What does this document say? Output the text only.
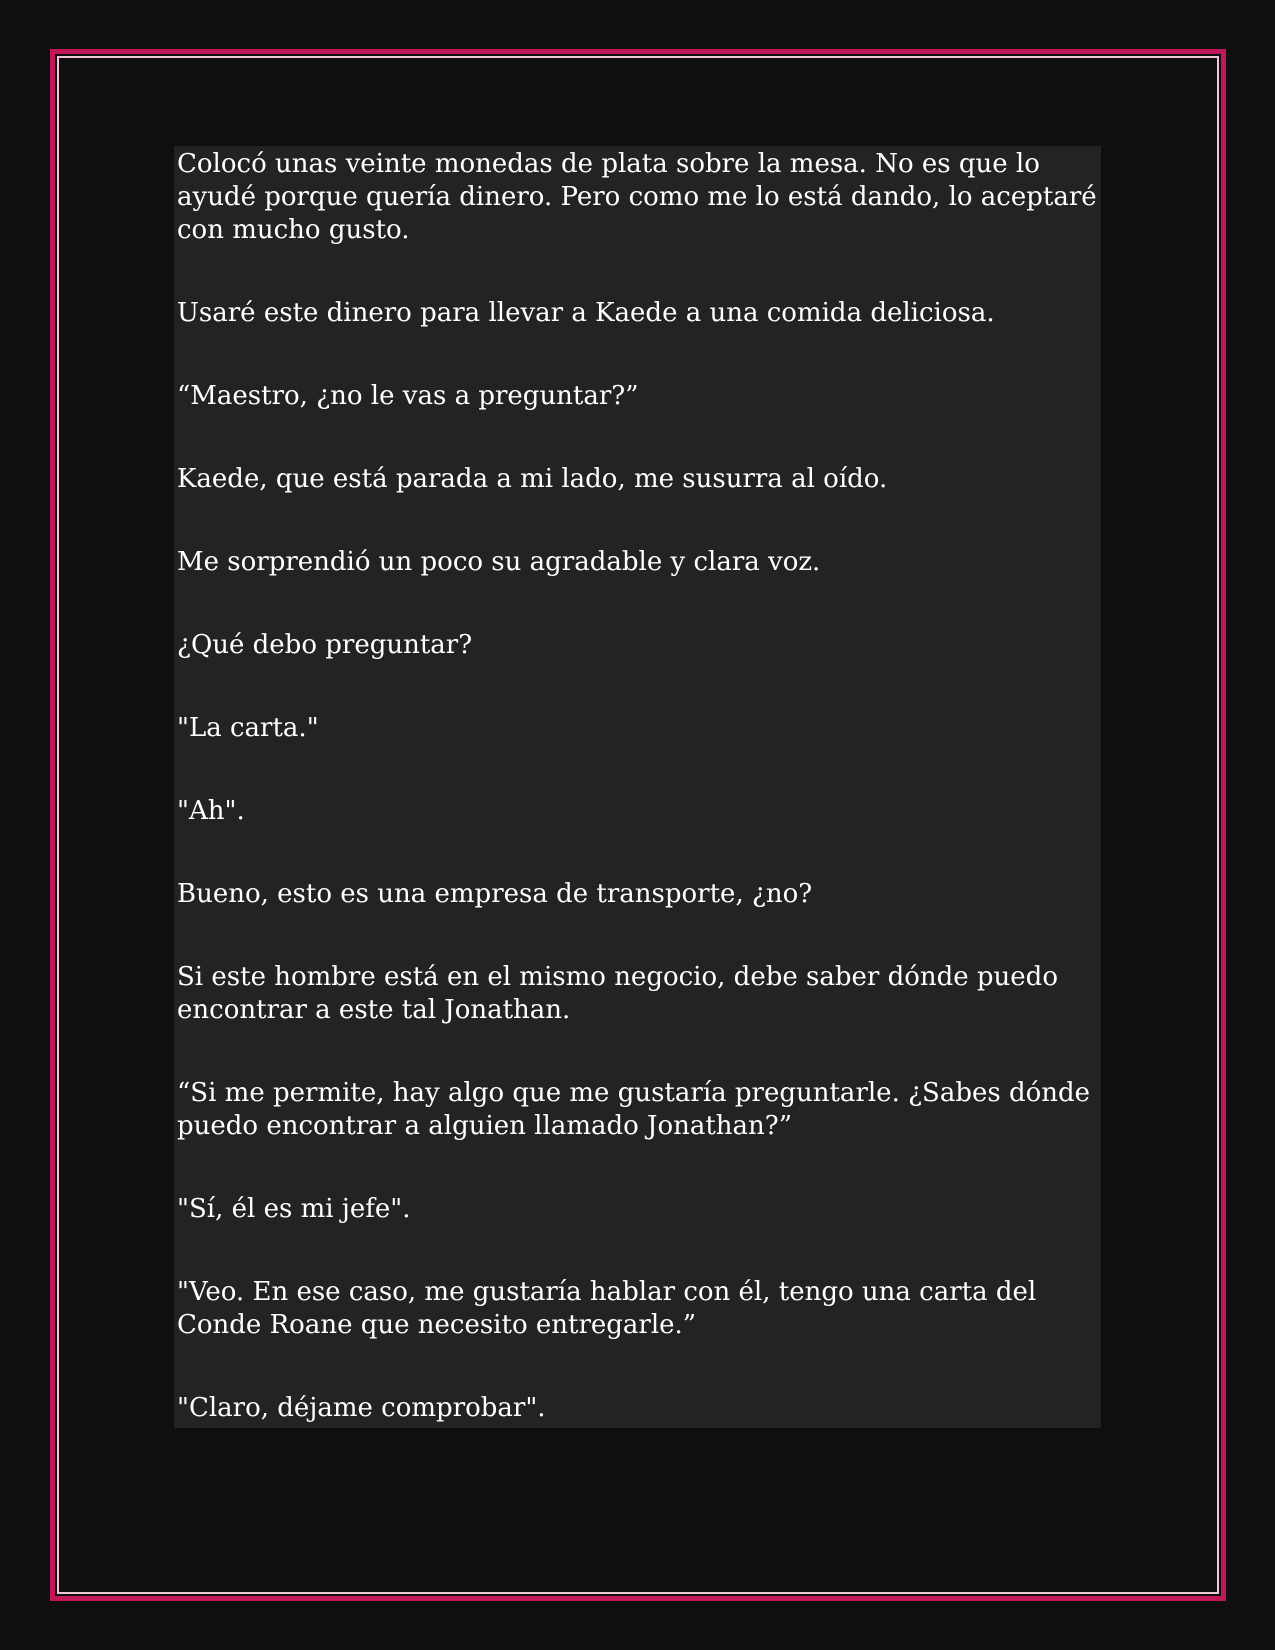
Colocó unas veinte monedas de plata sobre la mesa. No es que lo ayudé porque quería dinero. Pero como me lo está dando, lo aceptaré con mucho gusto.

Usaré este dinero para llevar a Kaede a una comida deliciosa.

“Maestro, ¿no le vas a preguntar?”

Kaede, que está parada a mi lado, me susurra al oído.

Me sorprendió un poco su agradable y clara voz.

¿Qué debo preguntar?

"La carta."

"Ah".

Bueno, esto es una empresa de transporte, ¿no?

Si este hombre está en el mismo negocio, debe saber dónde puedo encontrar a este tal Jonathan.

“Si me permite, hay algo que me gustaría preguntarle. ¿Sabes dónde puedo encontrar a alguien llamado Jonathan?”

"Sí, él es mi jefe".

"Veo. En ese caso, me gustaría hablar con él, tengo una carta del Conde Roane que necesito entregarle.”

"Claro, déjame comprobar".
